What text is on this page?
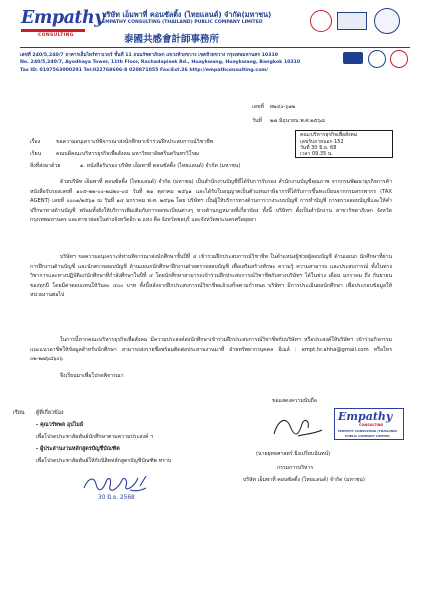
Empathy
CONSULTING
บริษัท เอ็มพาที่ คอนซัลติ้ง (ไทยแลนด์) จำกัด(มหาชน)
EMPATHY CONSULTING (THAILAND) PUBLIC COMPANY LIMITED
泰國共感會計師事務所
เลขที่ 240/5,240/7 อาคารเอ็มไพร์ทาวเวอร์ ชั้นที่ 11 ถนนรัชดาภิเษก แขวงห้วยขวาง เขตห้วยขวาง กรุงเทพมหานคร 10310
No. 240/5,240/7, Ayodhaya Tower, 11th Floor, Rachadapisek Rd., Huaykwang, Huaykwang, Bangkok 10310
Tax ID: 0107563000291 Tel:022768606-8 020871055 Fax:Ext.26 http://empathconsulting.com/
เลขที่ ผ๒๔๐-๖๑๒
วันที่ ๒๗ มิถุนายน พ.ศ.๒๕๖๘
คณะบริหารธุรกิจเพื่อสังคม
เลขรับภายนอก 152
วันที่ 30 มิ.ย. 68
เวลา 09.35 น.
เรื่อง	ขอความอนุเคราะห์พิจารณาส่งนักศึกษาเข้าร่วมฝึกประสบการณ์วิชาชีพ
เรียน	คณบดีคณะบริหารธุรกิจเพื่อสังคม มหาวิทยาลัยศรีนครินทรวิโรฒ
สิ่งที่ส่งมาด้วย	๑. หนังสือรับรอง บริษัท เอ็มพาที่ คอนซัลติ้ง (ไทยแลนด์) จำกัด (มหาชน)
ด้วยบริษัท เอ็มพาที่ คอนซัลติ้ง (ไทยแลนด์) จำกัด (มหาชน) เป็นสำนักงานบัญชีที่ได้รับการรับรอง สำนักงานบัญชีคุณภาพ จากกรมพัฒนาธุรกิจการค้า หนังสือรับรองเลขที่ ๑๐๕-๒๒-๐๐-๒๘๒๐-๐๔ วันที่ ๒๑ ตุลาคม ๒๕๖๑ และได้รับใบอนุญาตเป็นตัวแทนภาษีอากรที่ได้รับการขึ้นทะเบียนจากกรมสรรพากร (TAX AGENT) เลขที่ ๐๐๐๑/๒๕๖๑ ณ วันที่ ๑๔ มกราคม พ.ศ. ๒๕๖๒ โดย บริษัทฯ เป็นผู้ให้บริการทางด้านการวางระบบบัญชี การทำบัญชี การตรวจสอบบัญชีและให้คำปรึกษาทางด้านบัญชี พร้อมทั้งยังให้บริการเพิ่มเติมกับการจดทะเบียนต่างๆ ทางด้านกฎหมายที่เกี่ยวข้อง ทั้งนี้ บริษัทฯ ตั้งเป็นสำนักงาน สาขารัชดาภิเษก จังหวัดกรุงเทพมหานคร และสาขาย่อยในต่างจังหวัดอีก ๒ แห่ง คือ จังหวัดชลบุรี และจังหวัดพระนครศรีอยุธยา
บริษัทฯ ขอความอนุเคราะห์ท่านพิจารณาส่งนักศึกษาชั้นปีที่ ๔ เข้าร่วมฝึกประสบการณ์วิชาชีพ ในตำแหน่งผู้ช่วยผู้สอบบัญชี ด้านแผนก นักศึกษาที่ผ่านการฝึกงานด้านบัญชี และนักตรวจสอบบัญชี ด้านแผนกนักศึกษาฝึกงานฝ่ายตรวจสอบบัญชี เพื่อเสริมสร้างทักษะ ความรู้ ความสามารถ และประสบการณ์ ทั้งในทางวิชาการและทางปฏิบัติแก่นักศึกษาที่กำลังศึกษาในปีที่ ๔ โดยนักศึกษาสามารถเข้าร่วมฝึกประสบการณ์วิชาชีพกับทางบริษัทฯ ได้ในช่วง เดือน มกราคม ถึง กันยายน ของทุกปี โดยมีค่าตอบแทนให้วันละ ๔๐๐ บาท ทั้งนี้หลังจากฝึกประสบการณ์วิชาชีพแล้วเสร็จตามกำหนด บริษัทฯ มีการประเมินผลนักศึกษา เพื่อประกอบข้อมูลให้หน่วยงานต่อไป
ในการนี้หากคณะบริหารธุรกิจเพื่อสังคม มีความประสงค์ส่งนักศึกษาเข้าร่วมฝึกประสบการณ์วิชาชีพกับบริษัทฯ หรือประสงค์ให้บริษัทฯ เข้าร่วมกิจกรรมแนะแนวอาชีพให้ข้อมูลสำหรับนักศึกษา สามารถส่งรายชื่อพร้อมติดต่อประสานงานมาที่ ฝ่ายทรัพยากรบุคคล อีเมล์ : empt.hr.ahha@gmail.com หรือโทร ๐๒-๒๗๖๘๖๐๖
จึงเรียนมาเพื่อโปรดพิจารณา
เรียน ผู้ที่เกี่ยวข้อง
- คุณวรัทพล อุปไมย์
เพื่อโปรดประชาสัมพันธ์นักศึกษาตามความประสงค์ ฯ
- ผู้ประสานงานหลักสูตรบัญชีบัณฑิต
เพื่อโปรดประชาสัมพันธ์ให้กับนิสิตหลักสูตรบัญชีบัณฑิต ทราบ
30 มิ.ย. 2568
ขอแสดงความนับถือ
Empathy
CONSULTING
EMPATHY CONSULTING (THAILAND)
PUBLIC COMPANY LIMITED
(นายยุทธศาสตร์ ยิ่งเปรียบนันทน์)
กรรมการบริหาร
บริษัท เอ็มพาที่ คอนซัลติ้ง (ไทยแลนด์) จำกัด (มหาชน)
